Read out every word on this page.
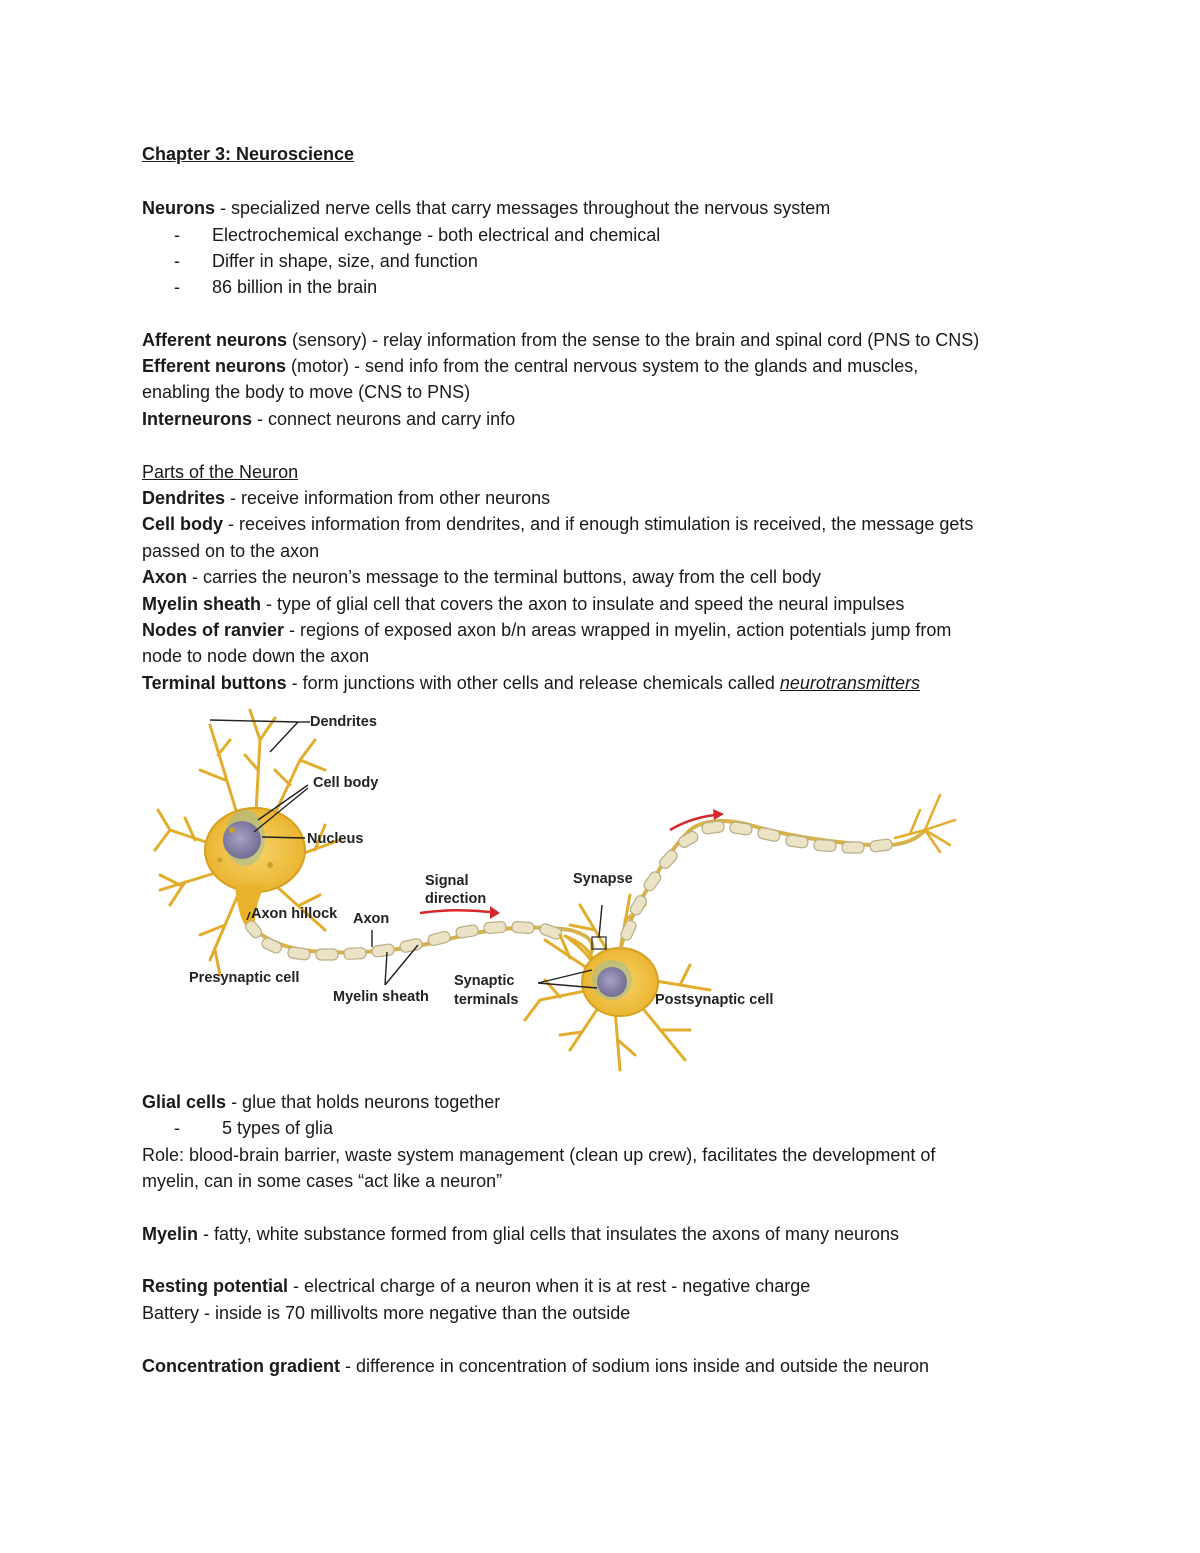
Chapter 3: Neuroscience
Neurons - specialized nerve cells that carry messages throughout the nervous system
- Electrochemical exchange - both electrical and chemical
- Differ in shape, size, and function
- 86 billion in the brain
Afferent neurons (sensory) - relay information from the sense to the brain and spinal cord (PNS to CNS)
Efferent neurons (motor) - send info from the central nervous system to the glands and muscles,
enabling the body to move (CNS to PNS)
Interneurons - connect neurons and carry info
Parts of the Neuron
Dendrites - receive information from other neurons
Cell body - receives information from dendrites, and if enough stimulation is received, the message gets
passed on to the axon
Axon - carries the neuron’s message to the terminal buttons, away from the cell body
Myelin sheath - type of glial cell that covers the axon to insulate and speed the neural impulses
Nodes of ranvier - regions of exposed axon b/n areas wrapped in myelin, action potentials jump from
node to node down the axon
Terminal buttons - form junctions with other cells and release chemicals called neurotransmitters
Dendrites
Cell body
Nucleus
Axon hillock Axon
Signal
direction
Synapse
Presynaptic cell
Myelin sheath
Synaptic
terminals	Postsynaptic cell
Glial cells - glue that holds neurons together
- 5 types of glia
Role: blood-brain barrier, waste system management (clean up crew), facilitates the development of
myelin, can in some cases “act like a neuron”
Myelin - fatty, white substance formed from glial cells that insulates the axons of many neurons
Resting potential - electrical charge of a neuron when it is at rest - negative charge
Battery - inside is 70 millivolts more negative than the outside
Concentration gradient - difference in concentration of sodium ions inside and outside the neuron
